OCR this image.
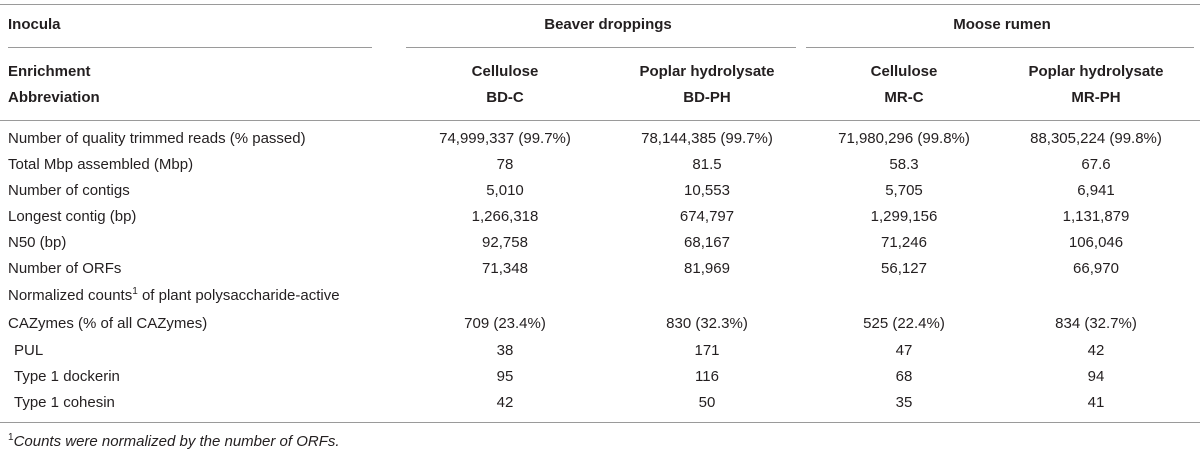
Inocula	Beaver droppings	Moose rumen
Enrichment	Cellulose	Poplar hydrolysate	Cellulose	Poplar hydrolysate
Abbreviation	BD-C	BD-PH	MR-C	MR-PH
Number of quality trimmed reads (% passed)	74,999,337 (99.7%)	78,144,385 (99.7%)	71,980,296 (99.8%)	88,305,224 (99.8%)
Total Mbp assembled (Mbp)	78	81.5	58.3	67.6
Number of contigs	5,010	10,553	5,705	6,941
Longest contig (bp)	1,266,318	674,797	1,299,156	1,131,879
N50 (bp)	92,758	68,167	71,246	106,046
Number of ORFs	71,348	81,969	56,127	66,970
Normalized counts$^1$ of plant polysaccharide-active
CAZymes (% of all CAZymes)	709 (23.4%)	830 (32.3%)	525 (22.4%)	834 (32.7%)
PUL	38	171	47	42
Type 1 dockerin	95	116	68	94
Type 1 cohesin	42	50	35	41
$^1$Counts were normalized by the number of ORFs.
